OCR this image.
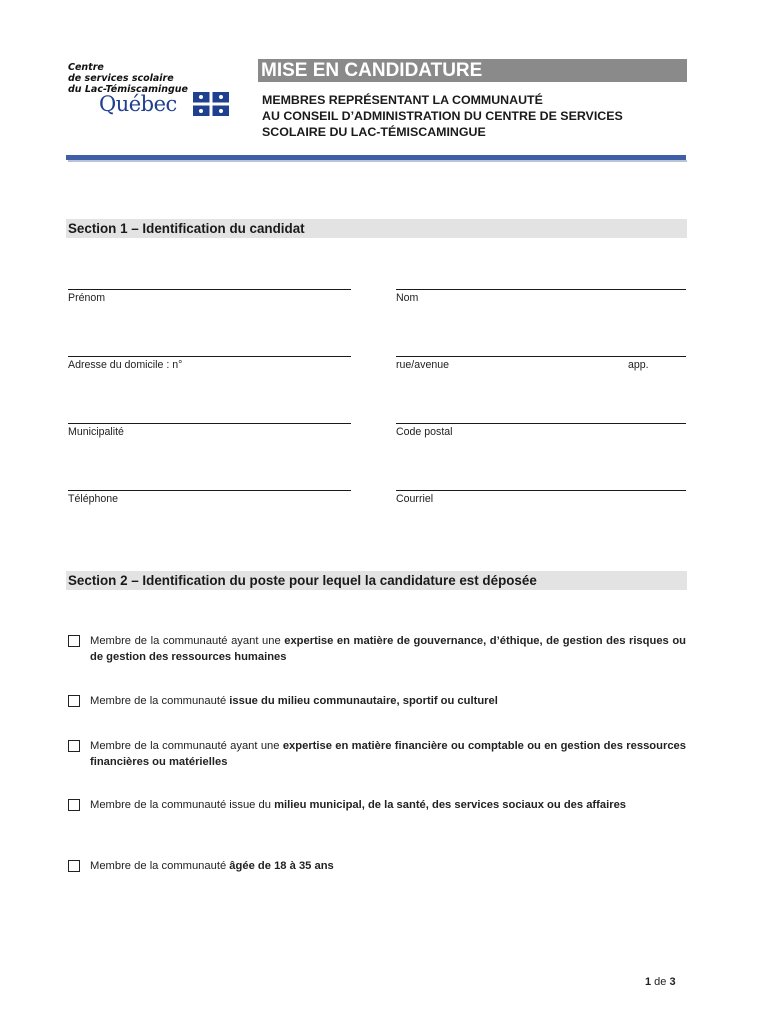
Centre
de services scolaire
du Lac-Témiscamingue
Québec
MISE EN CANDIDATURE
MEMBRES REPRÉSENTANT LA COMMUNAUTÉ
AU CONSEIL D’ADMINISTRATION DU CENTRE DE SERVICES
SCOLAIRE DU LAC-TÉMISCAMINGUE
Section 1 – Identification du candidat
Prénom	Nom
Adresse du domicile : n°	rue/avenue	app.
Municipalité	Code postal
Téléphone	Courriel
Section 2 – Identification du poste pour lequel la candidature est déposée
Membre de la communauté ayant une expertise en matière de gouvernance, d’éthique, de gestion des risques ou de gestion des ressources humaines
Membre de la communauté issue du milieu communautaire, sportif ou culturel
Membre de la communauté ayant une expertise en matière financière ou comptable ou en gestion des ressources financières ou matérielles
Membre de la communauté issue du milieu municipal, de la santé, des services sociaux ou des affaires
Membre de la communauté âgée de 18 à 35 ans
1 de 3
